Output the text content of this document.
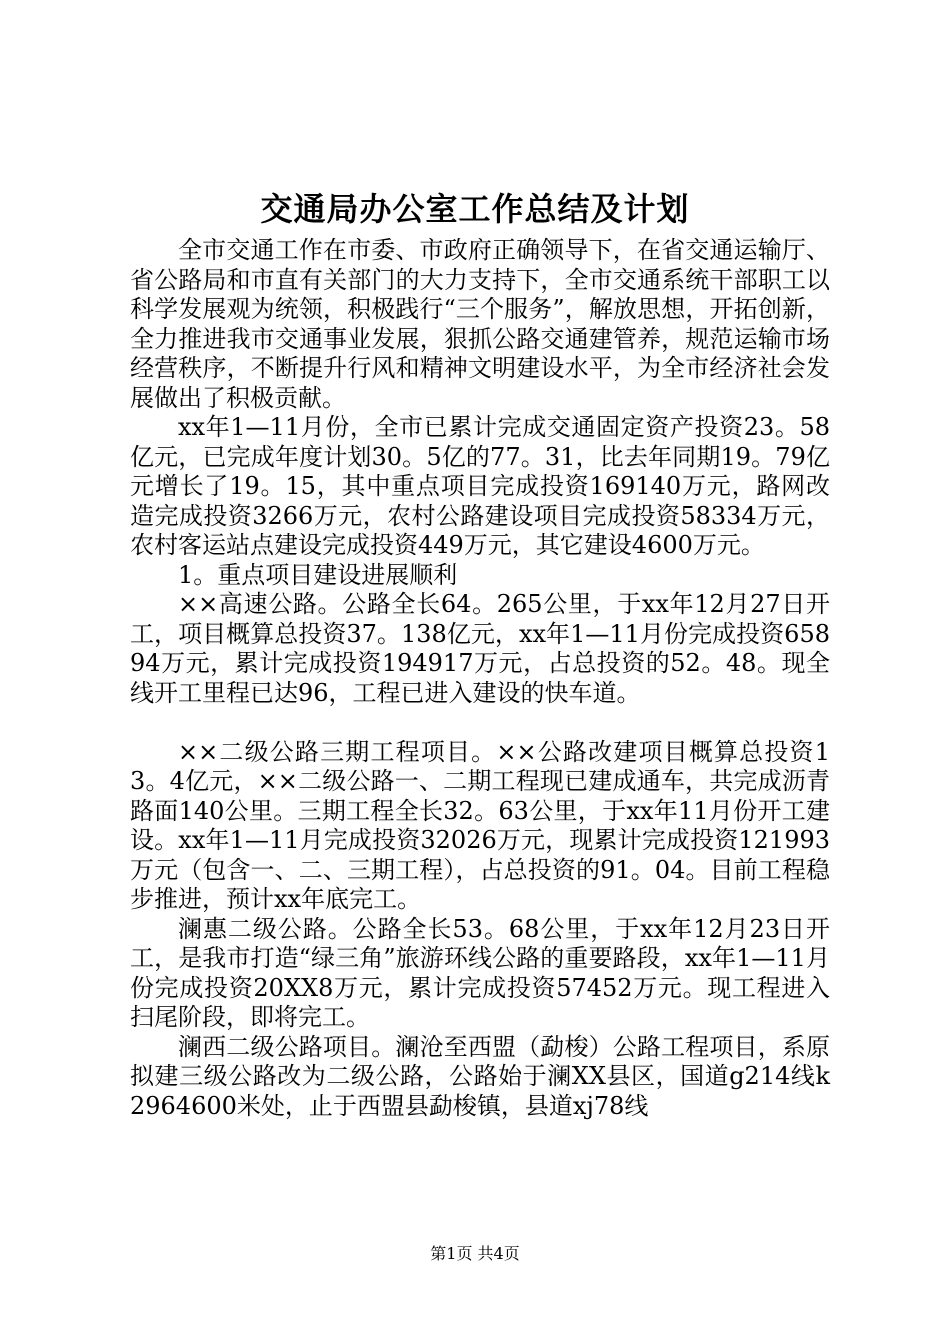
交通局办公室工作总结及计划

全市交通工作在市委、市政府正确领导下，在省交通运输厅、省公路局和市直有关部门的大力支持下，全市交通系统干部职工以科学发展观为统领，积极践行“三个服务”，解放思想，开拓创新，全力推进我市交通事业发展，狠抓公路交通建管养，规范运输市场经营秩序，不断提升行风和精神文明建设水平，为全市经济社会发展做出了积极贡献。

xx年1—11月份，全市已累计完成交通固定资产投资23。58亿元，已完成年度计划30。5亿的77。31，比去年同期19。79亿元增长了19。15，其中重点项目完成投资169140万元，路网改造完成投资3266万元，农村公路建设项目完成投资58334万元，农村客运站点建设完成投资449万元，其它建设4600万元。

1。重点项目建设进展顺利

××高速公路。公路全长64。265公里，于xx年12月27日开工，项目概算总投资37。138亿元，xx年1—11月份完成投资65894万元，累计完成投资194917万元，占总投资的52。48。现全线开工里程已达96，工程已进入建设的快车道。

××二级公路三期工程项目。××公路改建项目概算总投资13。4亿元，××二级公路一、二期工程现已建成通车，共完成沥青路面140公里。三期工程全长32。63公里，于xx年11月份开工建设。xx年1—11月完成投资32026万元，现累计完成投资121993万元（包含一、二、三期工程），占总投资的91。04。目前工程稳步推进，预计xx年底完工。

澜惠二级公路。公路全长53。68公里，于xx年12月23日开工，是我市打造“绿三角”旅游环线公路的重要路段，xx年1—11月份完成投资20XX8万元，累计完成投资57452万元。现工程进入扫尾阶段，即将完工。

澜西二级公路项目。澜沧至西盟（勐梭）公路工程项目，系原拟建三级公路改为二级公路，公路始于澜XX县区，国道g214线k2964600米处，止于西盟县勐梭镇，县道xj78线

第1页 共4页
